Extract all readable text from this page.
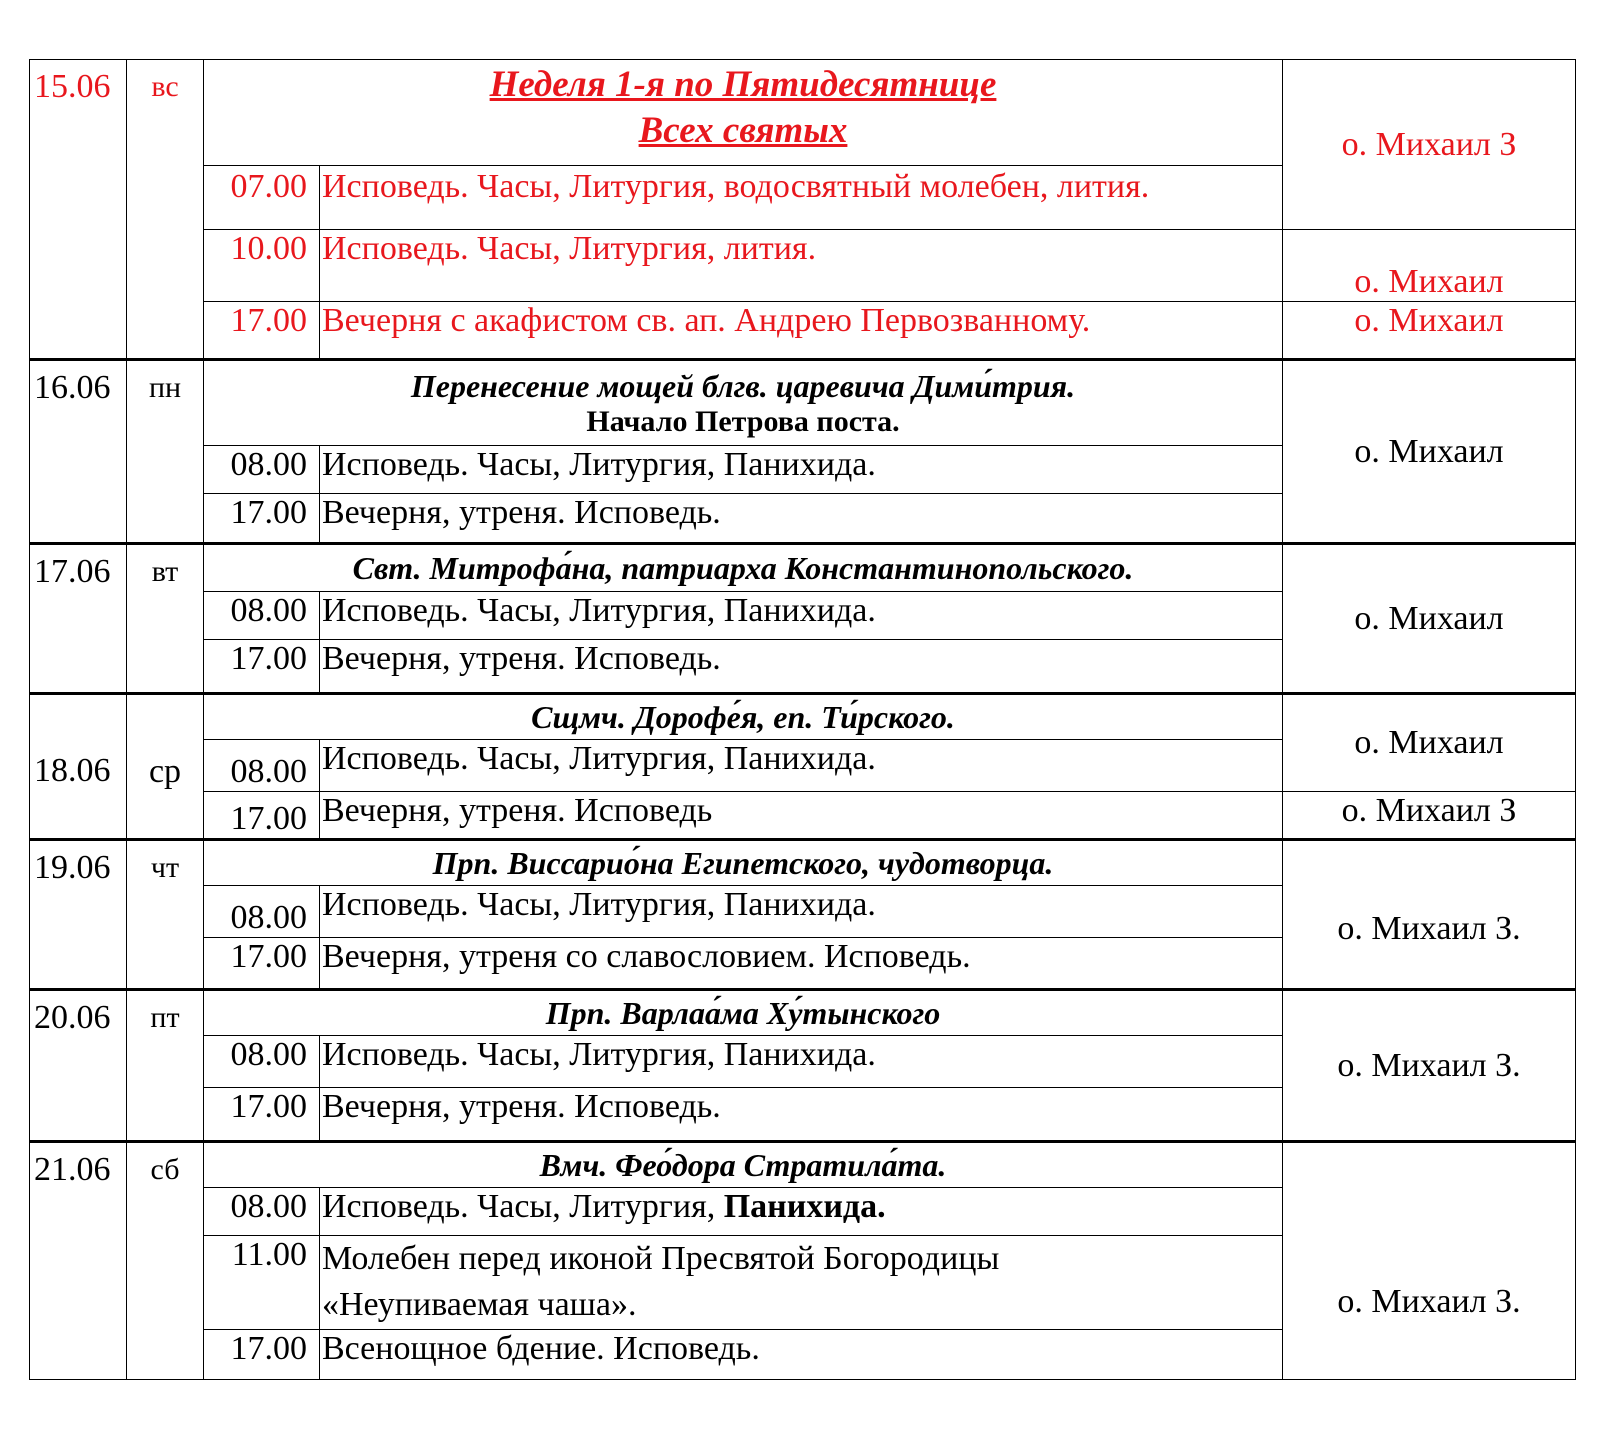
15.06	вс	Неделя 1-я по Пятидесятнице
Всех святых		о. Михаил З
		07.00	Исповедь. Часы, Литургия, водосвятный молебен, лития.	
		10.00	Исповедь. Часы, Литургия, лития.	о. Михаил
		17.00	Вечерня с акафистом св. ап. Андрею Первозванному.	о. Михаил
16.06	пн	Перенесение мощей блгв. царевича Дими́трия.
Начало Петрова поста.		о. Михаил
		08.00	Исповедь. Часы, Литургия, Панихида.	
		17.00	Вечерня, утреня. Исповедь.	
17.06	вт	Свт. Митрофа́на, патриарха Константинопольского.		о. Михаил
		08.00	Исповедь. Часы, Литургия, Панихида.	
		17.00	Вечерня, утреня. Исповедь.	
18.06	ср	Сщмч. Дорофе́я, еп. Ти́рского.		о. Михаил
		08.00	Исповедь. Часы, Литургия, Панихида.	
		17.00	Вечерня, утреня. Исповедь	о. Михаил З
19.06	чт	Прп. Виссарио́на Египетского, чудотворца.		о. Михаил З.
		08.00	Исповедь. Часы, Литургия, Панихида.	
		17.00	Вечерня, утреня со славословием. Исповедь.	
20.06	пт	Прп. Варлаа́ма Ху́тынского		о. Михаил З.
		08.00	Исповедь. Часы, Литургия, Панихида.	
		17.00	Вечерня, утреня. Исповедь.	
21.06	сб	Вмч. Фео́дора Стратила́та.		о. Михаил З.
		08.00	Исповедь. Часы, Литургия, Панихида.	
		11.00	Молебен перед иконой Пресвятой Богородицы
«Неупиваемая чаша».	

		17.00	Всенощное бдение. Исповедь.	
